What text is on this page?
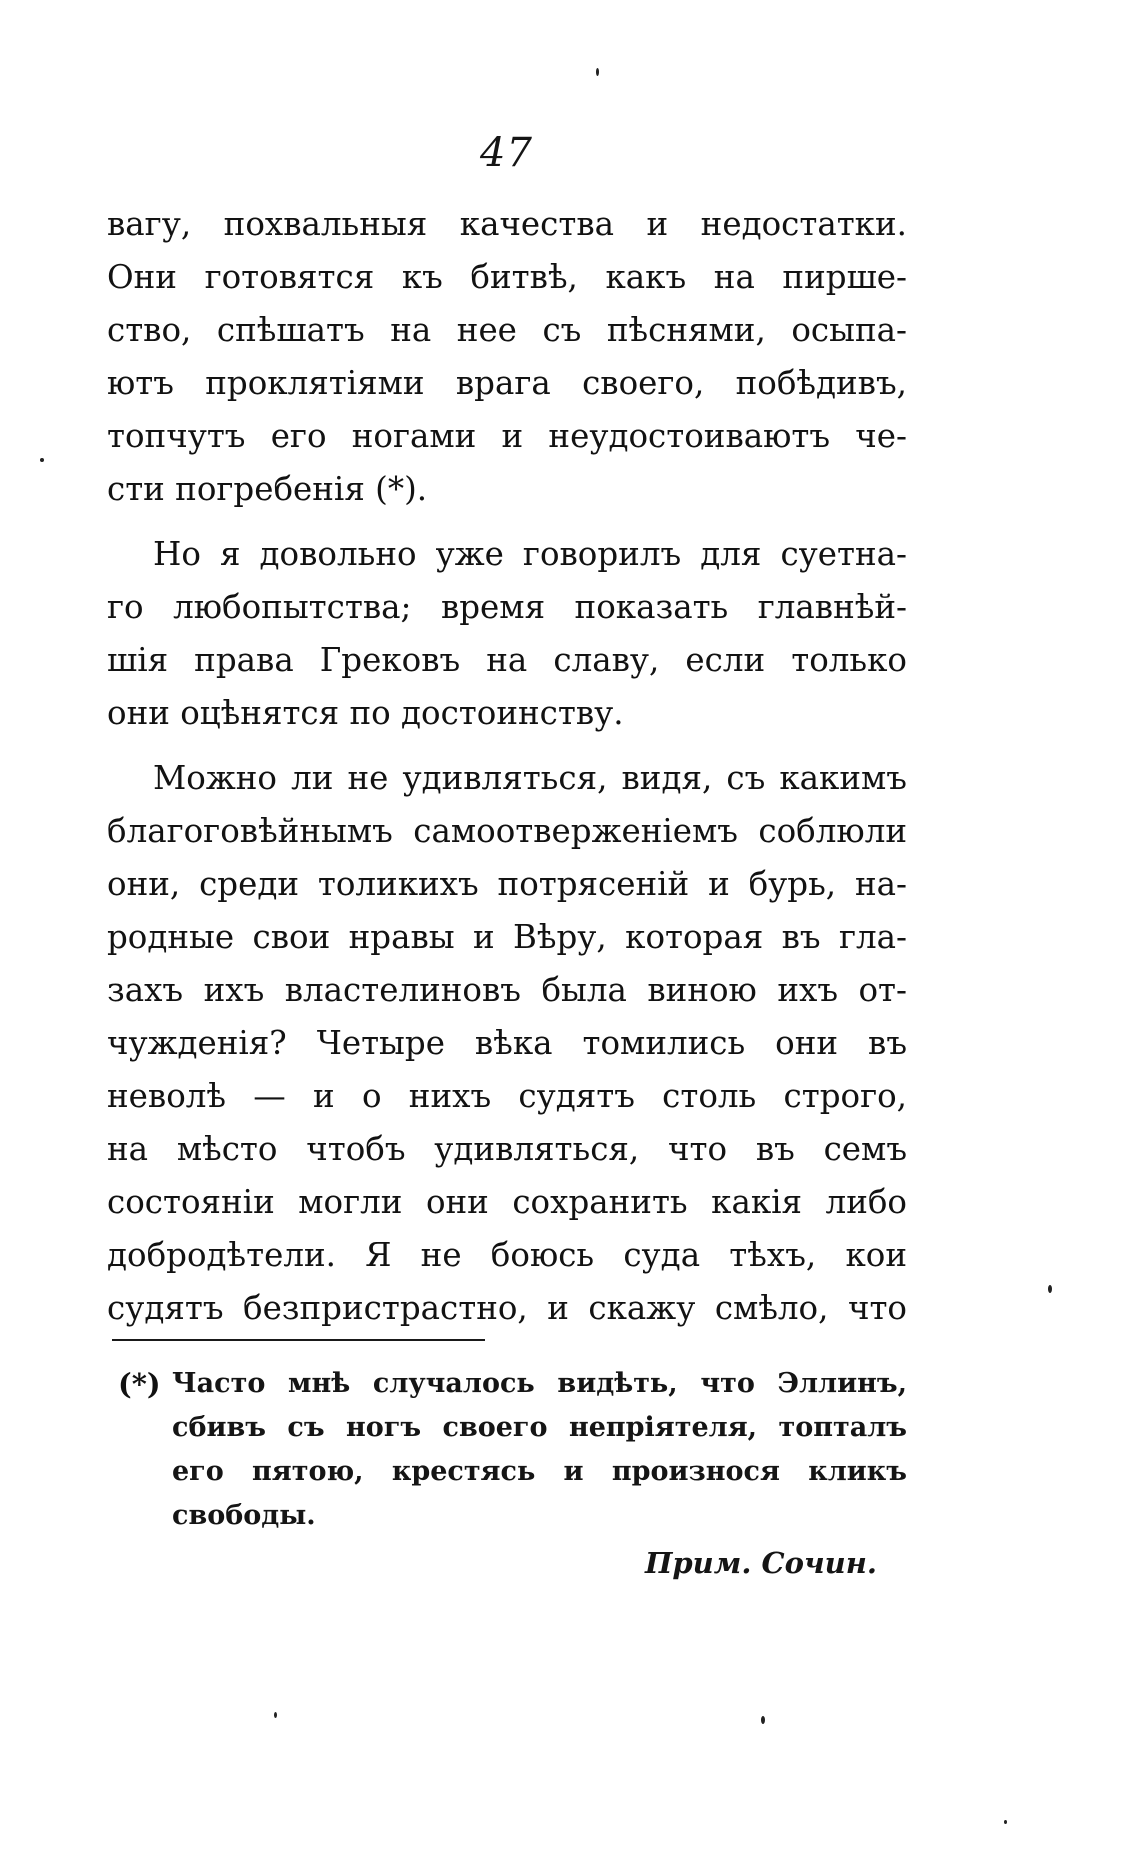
47
вагу, похвальныя качества и недостатки.
Они готовятся къ битвѣ, какъ на пирше-
ство, спѣшатъ на нее съ пѣснями, осыпа-
ютъ проклятіями врага своего, побѣдивъ,
топчутъ его ногами и неудостоиваютъ че-
сти погребенія (*).
Но я довольно уже говорилъ для суетна-
го любопытства; время показать главнѣй-
шія права Грековъ на славу, если только
они оцѣнятся по достоинству.
Можно ли не удивляться, видя, съ какимъ
благоговѣйнымъ самоотверженіемъ соблюли
они, среди толикихъ потрясеній и бурь, на-
родные свои нравы и Вѣру, которая въ гла-
захъ ихъ властелиновъ была виною ихъ от-
чужденія? Четыре вѣка томились они въ
неволѣ — и о нихъ судятъ столь строго,
на мѣсто чтобъ удивляться, что въ семъ
состояніи могли они сохранить какія либо
добродѣтели. Я не боюсь суда тѣхъ, кои
судятъ безпристрастно, и скажу смѣло, что
(*) Часто мнѣ случалось видѣть, что Эллинъ,
сбивъ съ ногъ своего непріятеля, топталъ
его пятою, крестясь и произнося кликъ
свободы.
Прим. Сочин.
